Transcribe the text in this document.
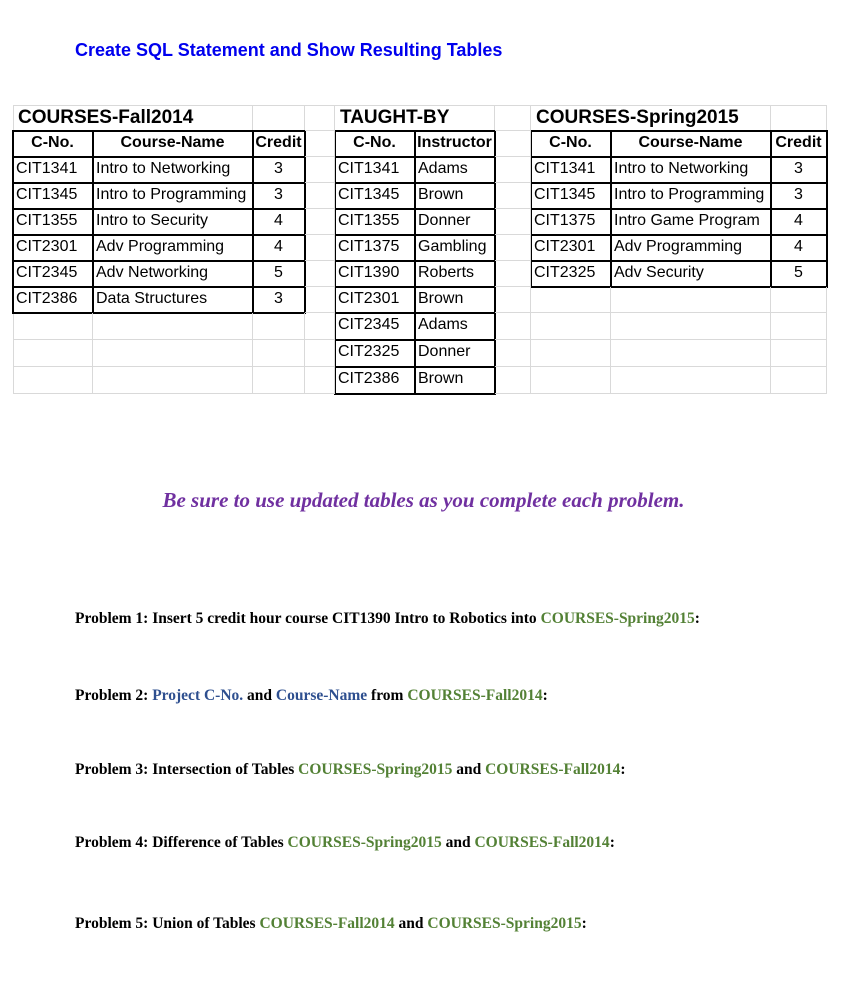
Create SQL Statement and Show Resulting Tables
COURSES-Fall2014
C-No.	Course-Name	Credit
CIT1341	Intro to Networking	3
CIT1345	Intro to Programming	3
CIT1355	Intro to Security	4
CIT2301	Adv Programming	4
CIT2345	Adv Networking	5
CIT2386	Data Structures	3
TAUGHT-BY
C-No.	Instructor
CIT1341	Adams
CIT1345	Brown
CIT1355	Donner
CIT1375	Gambling
CIT1390	Roberts
CIT2301	Brown
CIT2345	Adams
CIT2325	Donner
CIT2386	Brown
COURSES-Spring2015
C-No.	Course-Name	Credit
CIT1341	Intro to Networking	3
CIT1345	Intro to Programming	3
CIT1375	Intro Game Program	4
CIT2301	Adv Programming	4
CIT2325	Adv Security	5

Be sure to use updated tables as you complete each problem.

Problem 1: Insert 5 credit hour course CIT1390 Intro to Robotics into COURSES-Spring2015:

Problem 2: Project C-No. and Course-Name from COURSES-Fall2014:

Problem 3: Intersection of Tables COURSES-Spring2015 and COURSES-Fall2014:

Problem 4: Difference of Tables COURSES-Spring2015 and COURSES-Fall2014:

Problem 5: Union of Tables COURSES-Fall2014 and COURSES-Spring2015:
